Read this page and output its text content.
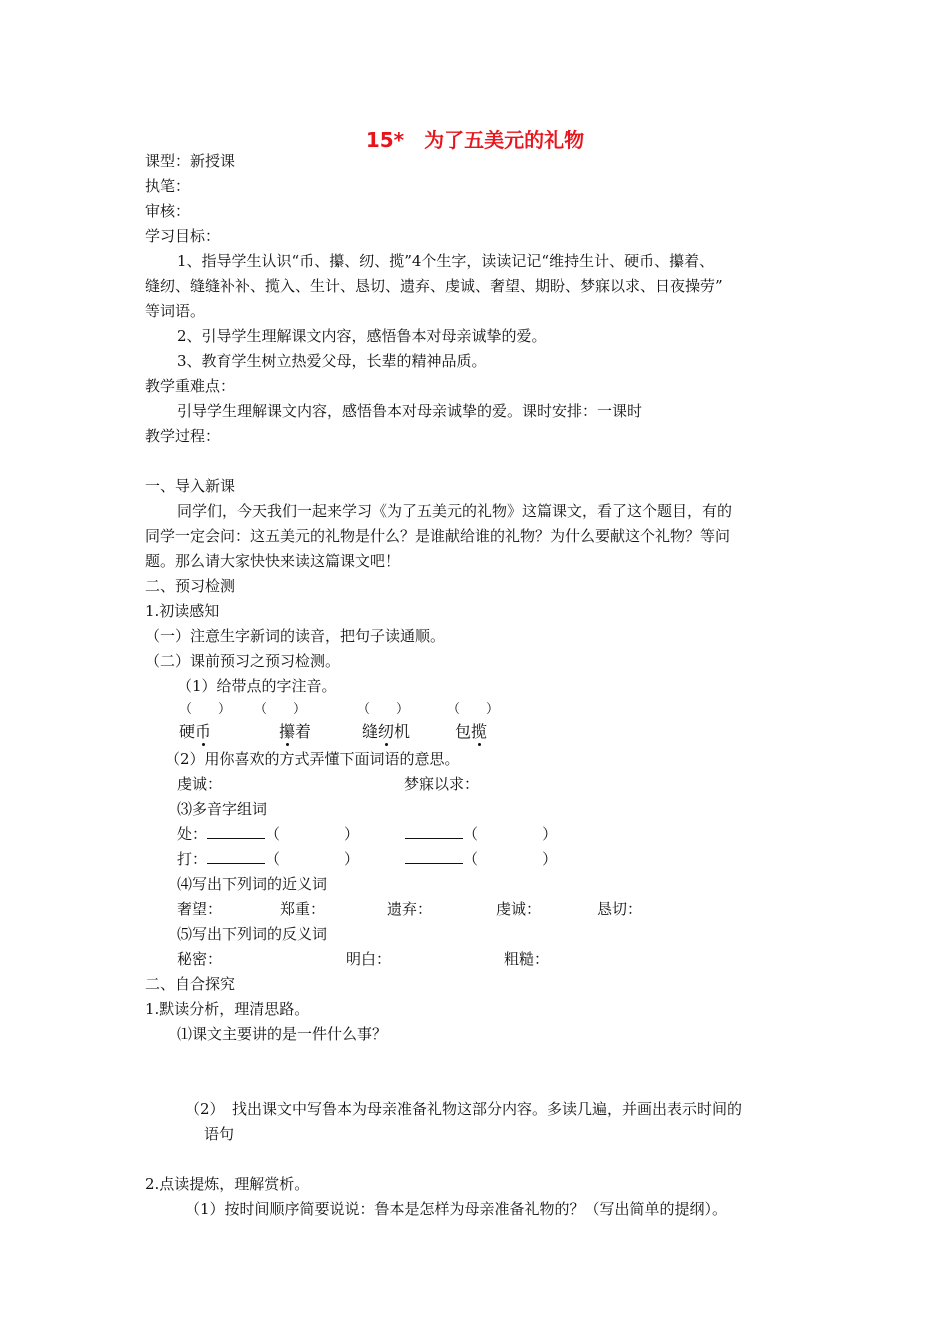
15*　为了五美元的礼物
课型：新授课
执笔：
审核：
学习目标：
1、指导学生认识“币、攥、纫、揽”4个生字，读读记记“维持生计、硬币、攥着、
缝纫、缝缝补补、揽入、生计、恳切、遗弃、虔诚、奢望、期盼、梦寐以求、日夜操劳”
等词语。
2、引导学生理解课文内容，感悟鲁本对母亲诚挚的爱。
3、教育学生树立热爱父母，长辈的精神品质。
教学重难点：
引导学生理解课文内容，感悟鲁本对母亲诚挚的爱。课时安排：一课时
教学过程：
一、导入新课
同学们，今天我们一起来学习《为了五美元的礼物》这篇课文，看了这个题目，有的
同学一定会问：这五美元的礼物是什么？是谁献给谁的礼物？为什么要献这个礼物？等问
题。那么请大家快快来读这篇课文吧！
二、预习检测
1.初读感知
（一）注意生字新词的读音，把句子读通顺。
（二）课前预习之预习检测。
（1）给带点的字注音。
（　　） （　　）	（　　）	（　　）
硬币	攥着	缝纫机	包揽
（2）用你喜欢的方式弄懂下面词语的意思。
虔诚：	梦寐以求：
⑶多音字组词
处：	（	）	（	）
打：	（	）	（	）
⑷写出下列词的近义词
奢望：	郑重：	遗弃：	虔诚：	恳切：
⑸写出下列词的反义词
秘密：	明白：	粗糙：
二、自合探究
1.默读分析，理清思路。
⑴课文主要讲的是一件什么事？
（2）　找出课文中写鲁本为母亲准备礼物这部分内容。多读几遍，并画出表示时间的
语句
2.点读提炼，理解赏析。
（1）按时间顺序简要说说：鲁本是怎样为母亲准备礼物的？（写出简单的提纲）。
